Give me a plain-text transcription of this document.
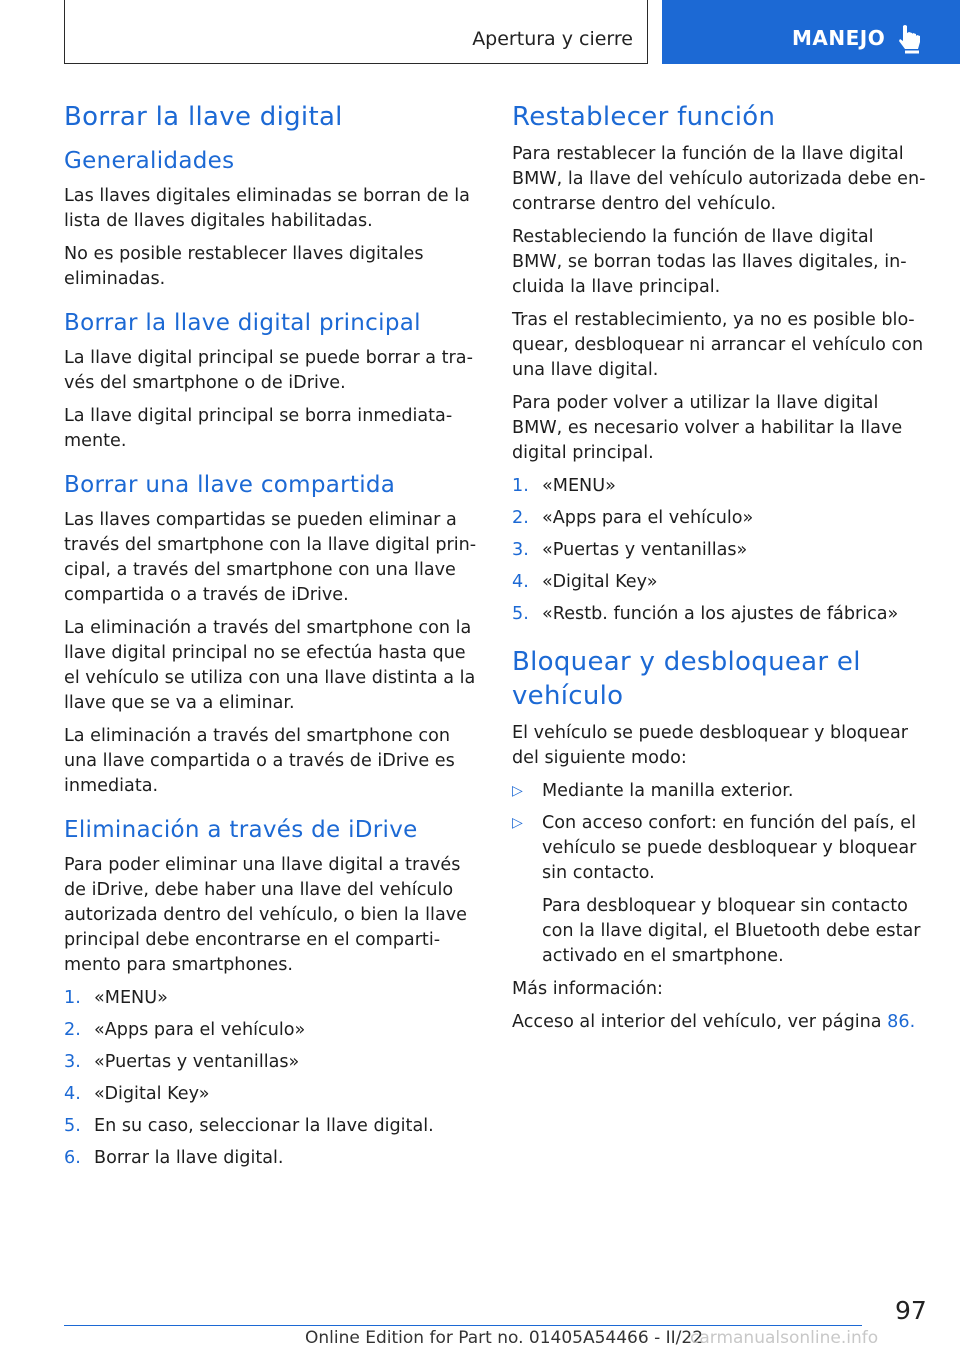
Apertura y cierre	MANEJO
Borrar la llave digital
Generalidades

Las llaves digitales eliminadas se borran de la lista de llaves digitales habilitadas.

No es posible restablecer llaves digitales eliminadas.

Borrar la llave digital principal

La llave digital principal se puede borrar a través del smartphone o de iDrive.

La llave digital principal se borra inmediatamente.

Borrar una llave compartida

Las llaves compartidas se pueden eliminar a través del smartphone con la llave digital principal, a través del smartphone con una llave compartida o a través de iDrive.

La eliminación a través del smartphone con la llave digital principal no se efectúa hasta que el vehículo se utiliza con una llave distinta a la llave que se va a eliminar.

La eliminación a través del smartphone con una llave compartida o a través de iDrive es inmediata.

Eliminación a través de iDrive

Para poder eliminar una llave digital a través de iDrive, debe haber una llave del vehículo autorizada dentro del vehículo, o bien la llave principal debe encontrarse en el compartimento para smartphones.

1. «MENU»
2. «Apps para el vehículo»
3. «Puertas y ventanillas»
4. «Digital Key»
5. En su caso, seleccionar la llave digital.
6. Borrar la llave digital.
Restablecer función

Para restablecer la función de la llave digital BMW, la llave del vehículo autorizada debe encontrarse dentro del vehículo.

Restableciendo la función de llave digital BMW, se borran todas las llaves digitales, incluida la llave principal.

Tras el restablecimiento, ya no es posible bloquear, desbloquear ni arrancar el vehículo con una llave digital.

Para poder volver a utilizar la llave digital BMW, es necesario volver a habilitar la llave digital principal.

1. «MENU»
2. «Apps para el vehículo»
3. «Puertas y ventanillas»
4. «Digital Key»
5. «Restb. función a los ajustes de fábrica»
Bloquear y desbloquear el vehículo

El vehículo se puede desbloquear y bloquear del siguiente modo:

▷ Mediante la manilla exterior.
▷ Con acceso confort: en función del país, el vehículo se puede desbloquear y bloquear sin contacto.
Para desbloquear y bloquear sin contacto con la llave digital, el Bluetooth debe estar activado en el smartphone.

Más información:

Acceso al interior del vehículo, ver página 86.

97
Online Edition for Part no. 01405A54466 - II/22
carmanualsonline.info
